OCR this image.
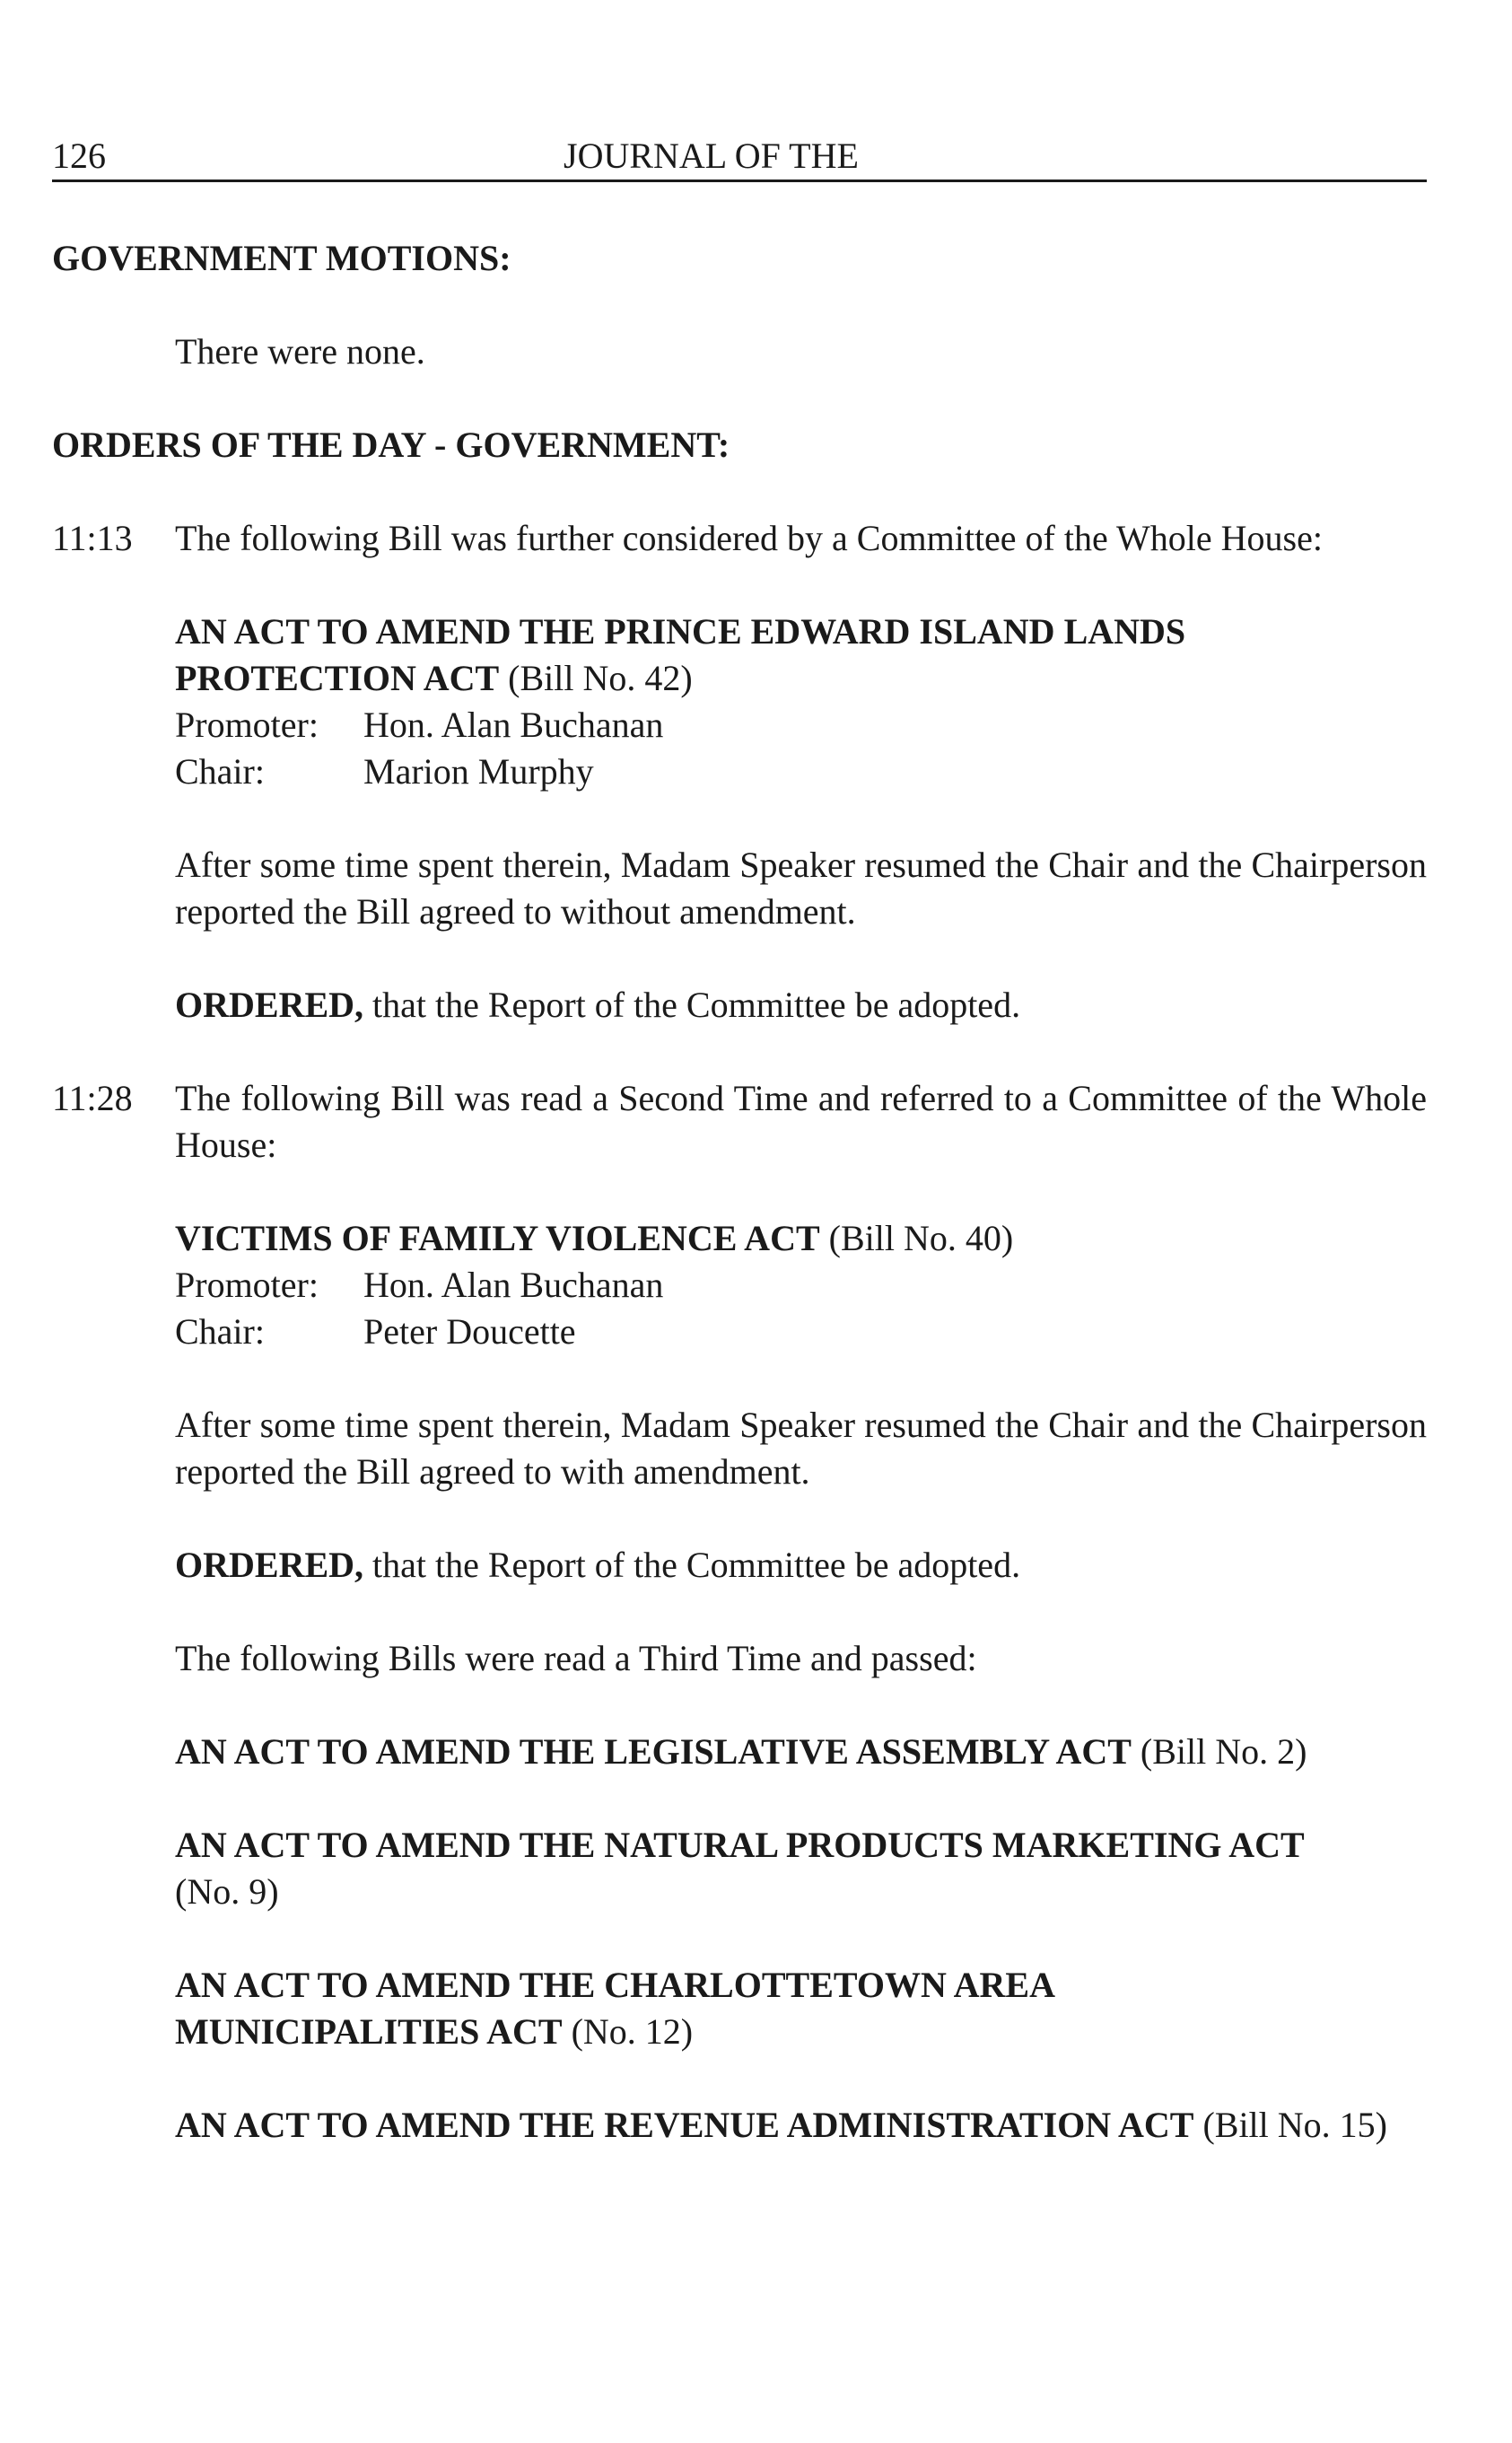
126	JOURNAL OF THE
GOVERNMENT MOTIONS:
There were none.
ORDERS OF THE DAY - GOVERNMENT:
11:13 The following Bill was further considered by a Committee of the Whole House:
AN ACT TO AMEND THE PRINCE EDWARD ISLAND LANDS
PROTECTION ACT (Bill No. 42)
Promoter: Hon. Alan Buchanan
Chair:	Marion Murphy
After some time spent therein, Madam Speaker resumed the Chair and the Chairperson reported the Bill agreed to without amendment.
ORDERED, that the Report of the Committee be adopted.
11:28 The following Bill was read a Second Time and referred to a Committee of the Whole House:
VICTIMS OF FAMILY VIOLENCE ACT (Bill No. 40)
Promoter: Hon. Alan Buchanan
Chair:	Peter Doucette
After some time spent therein, Madam Speaker resumed the Chair and the Chairperson reported the Bill agreed to with amendment.
ORDERED, that the Report of the Committee be adopted.
The following Bills were read a Third Time and passed:
AN ACT TO AMEND THE LEGISLATIVE ASSEMBLY ACT (Bill No. 2)
AN ACT TO AMEND THE NATURAL PRODUCTS MARKETING ACT (No. 9)
AN ACT TO AMEND THE CHARLOTTETOWN AREA MUNICIPALITIES ACT (No. 12)
AN ACT TO AMEND THE REVENUE ADMINISTRATION ACT (Bill No. 15)
